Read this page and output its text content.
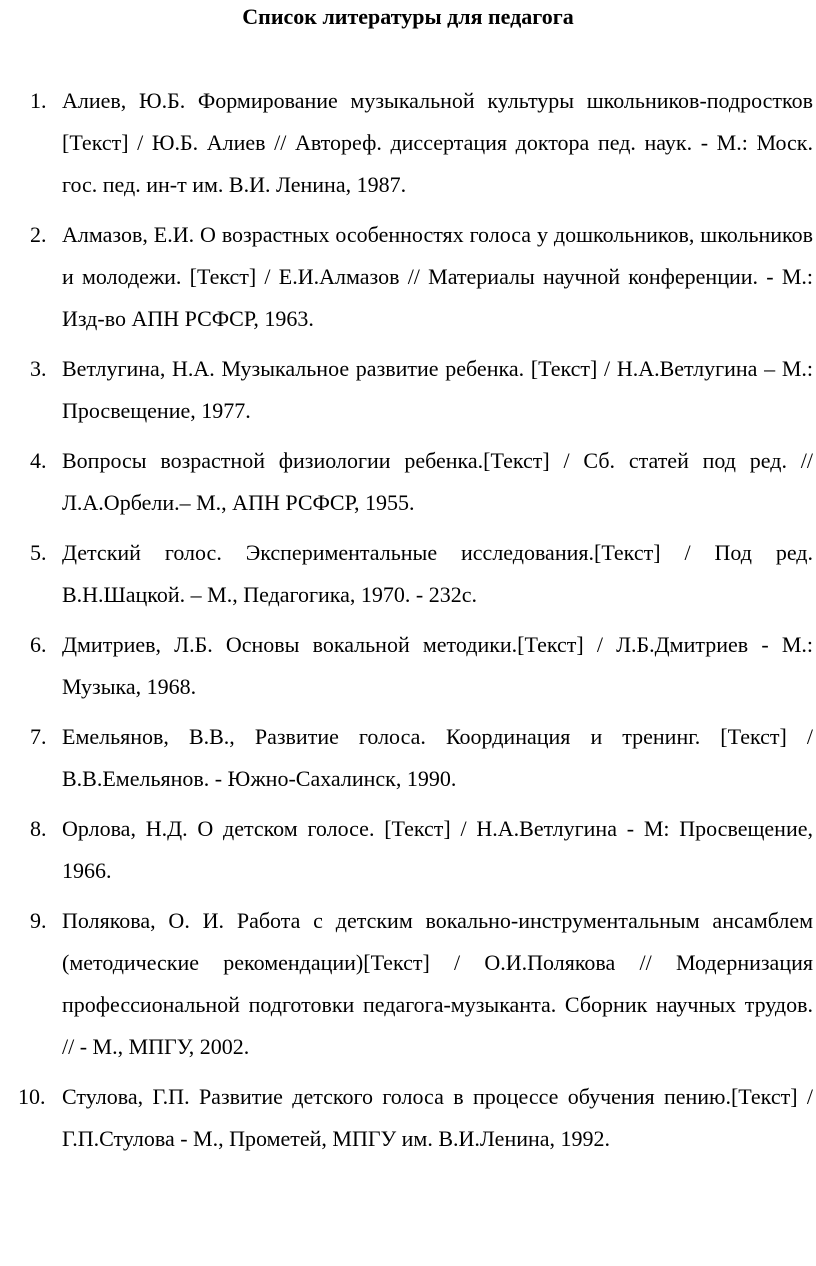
Список литературы для педагога
1. Алиев, Ю.Б. Формирование музыкальной культуры школьников-подростков [Текст] / Ю.Б. Алиев // Автореф. диссертация доктора пед. наук. - М.: Моск. гос. пед. ин-т им. В.И. Ленина, 1987.
2. Алмазов, Е.И. О возрастных особенностях голоса у дошкольников, школьников и молодежи. [Текст] / Е.И.Алмазов // Материалы научной конференции. - М.: Изд-во АПН РСФСР, 1963.
3. Ветлугина, Н.А. Музыкальное развитие ребенка. [Текст] / Н.А.Ветлугина – М.: Просвещение, 1977.
4. Вопросы возрастной физиологии ребенка.[Текст] / Сб. статей под ред. // Л.А.Орбели.– М., АПН РСФСР, 1955.
5. Детский голос. Экспериментальные исследования.[Текст] / Под ред. В.Н.Шацкой. – М., Педагогика, 1970. - 232с.
6. Дмитриев, Л.Б. Основы вокальной методики.[Текст] / Л.Б.Дмитриев - М.: Музыка, 1968.
7. Емельянов, В.В., Развитие голоса. Координация и тренинг. [Текст] / В.В.Емельянов. - Южно-Сахалинск, 1990.
8. Орлова, Н.Д. О детском голосе. [Текст] / Н.А.Ветлугина - М: Просвещение, 1966.
9. Полякова, О. И. Работа с детским вокально-инструментальным ансамблем (методические рекомендации)[Текст] / О.И.Полякова // Модернизация профессиональной подготовки педагога-музыканта. Сборник научных трудов. // - М., МПГУ, 2002.
10. Стулова, Г.П. Развитие детского голоса в процессе обучения пению.[Текст] / Г.П.Стулова - М., Прометей, МПГУ им. В.И.Ленина, 1992.
